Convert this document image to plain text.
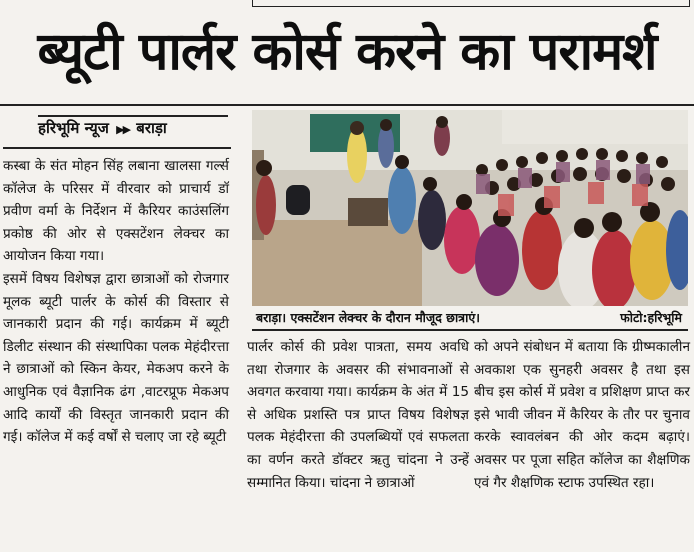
ब्यूटी पार्लर कोर्स करने का परामर्श
हरिभूमि न्यूज ▶▶ बराड़ा

कस्बा के संत मोहन सिंह लबाना खालसा गर्ल्स कॉलेज के परिसर में वीरवार को प्राचार्य डॉ प्रवीण वर्मा के निर्देशन में कैरियर काउंसलिंग प्रकोष्ठ की ओर से एक्सटेंशन लेक्चर का आयोजन किया गया।

इसमें विषय विशेषज्ञ द्वारा छात्राओं को रोजगार मूलक ब्यूटी पार्लर के कोर्स की विस्तार से जानकारी प्रदान की गई। कार्यक्रम में ब्यूटी डिलीट संस्थान की संस्थापिका पलक मेहंदीरत्ता ने छात्राओं को स्किन केयर, मेकअप करने के आधुनिक एवं वैज्ञानिक ढंग ,वाटरप्रूफ मेकअप आदि कार्यों की विस्तृत जानकारी प्रदान की गई। कॉलेज में कई वर्षों से चलाए जा रहे ब्यूटी

बराड़ा। एक्सटेंशन लेक्चर के दौरान मौजूद छात्राएं।	फोटो:हरिभूमि

पार्लर कोर्स की प्रवेश पात्रता, समय अवधि तथा रोजगार के अवसर की संभावनाओं से अवगत करवाया गया। कार्यक्रम के अंत में 15 से अधिक प्रशस्ति पत्र प्राप्त विषय विशेषज्ञ पलक मेहंदीरत्ता की उपलब्धियों एवं सफलता का वर्णन करते डॉक्टर ऋतु चांदना ने उन्हें सम्मानित किया। चांदना ने छात्राओं

को अपने संबोधन में बताया कि ग्रीष्मकालीन अवकाश एक सुनहरी अवसर है तथा इस बीच इस कोर्स में प्रवेश व प्रशिक्षण प्राप्त कर इसे भावी जीवन में कैरियर के तौर पर चुनाव करके स्वावलंबन की ओर कदम बढ़ाएं। अवसर पर पूजा सहित कॉलेज का शैक्षणिक एवं गैर शैक्षणिक स्टाफ उपस्थित रहा।
